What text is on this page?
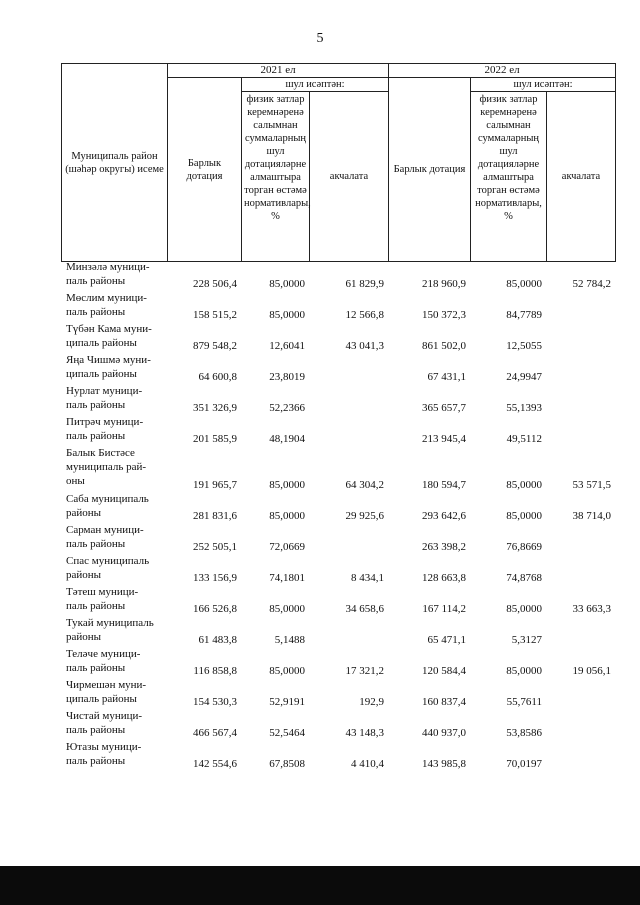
5
Муниципаль район (шәһәр округы) исеме	2021 ел			2022 ел		
	Барлык дотация	шул исәптән:		Барлык дотация	шул исәптән:	
		физик затлар керемнәренә салымнан суммаларның шул дотацияләрне алмаштыра торган өстәмә нормативлары, %	акчалата		физик затлар керемнәренә салымнан суммаларның шул дотацияләрне алмаштыра торган өстәмә нормативлары, %	акчалата
Минзәлә муници-
паль районы	228 506,4	85,0000	61 829,9	218 960,9	85,0000	52 784,2

Мөслим муници-
паль районы	158 515,2	85,0000	12 566,8	150 372,3	84,7789	

Түбән Кама муни-
ципаль районы	879 548,2	12,6041	43 041,3	861 502,0	12,5055	

Яңа Чишмә муни-
ципаль районы	64 600,8	23,8019		67 431,1	24,9947	

Нурлат муници-
паль районы	351 326,9	52,2366		365 657,7	55,1393	

Питрәч муници-
паль районы	201 585,9	48,1904		213 945,4	49,5112	

Балык Бистәсе
муниципаль рай-
оны	191 965,7	85,0000	64 304,2	180 594,7	85,0000	53 571,5

Саба муниципаль
районы	281 831,6	85,0000	29 925,6	293 642,6	85,0000	38 714,0

Сарман муници-
паль районы	252 505,1	72,0669		263 398,2	76,8669	

Спас муниципаль
районы	133 156,9	74,1801	8 434,1	128 663,8	74,8768	

Тәтеш муници-
паль районы	166 526,8	85,0000	34 658,6	167 114,2	85,0000	33 663,3

Тукай муниципаль
районы	61 483,8	5,1488		65 471,1	5,3127	

Теләче муници-
паль районы	116 858,8	85,0000	17 321,2	120 584,4	85,0000	19 056,1

Чирмешән муни-
ципаль районы	154 530,3	52,9191	192,9	160 837,4	55,7611	

Чистай муници-
паль районы	466 567,4	52,5464	43 148,3	440 937,0	53,8586	

Ютазы муници-
паль районы	142 554,6	67,8508	4 410,4	143 985,8	70,0197	
